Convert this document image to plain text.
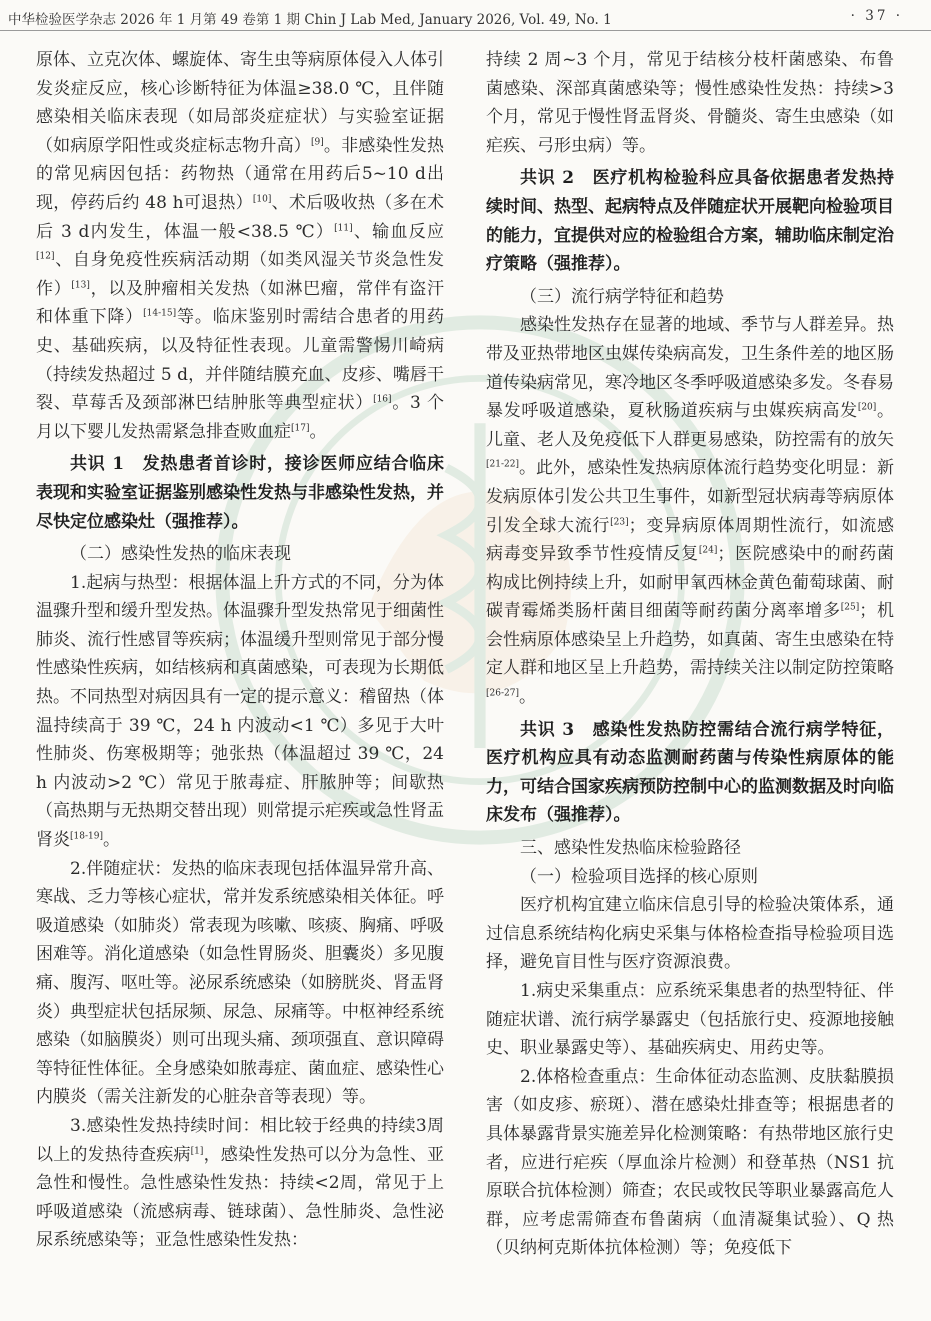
中华检验医学杂志 2026 年 1 月第 49 卷第 1 期 Chin J Lab Med, January 2026, Vol. 49, No. 1	· 37 ·

原体、立克次体、螺旋体、寄生虫等病原体侵入人体引发炎症反应，核心诊断特征为体温≥38.0 ℃，且伴随感染相关临床表现（如局部炎症症状）与实验室证据（如病原学阳性或炎症标志物升高）[9]。非感染性发热的常见病因包括：药物热（通常在用药后5~10 d出现，停药后约 48 h可退热）[10]、术后吸收热（多在术后 3 d内发生，体温一般<38.5 ℃）[11]、输血反应[12]、自身免疫性疾病活动期（如类风湿关节炎急性发作）[13]，以及肿瘤相关发热（如淋巴瘤，常伴有盗汗和体重下降）[14-15]等。临床鉴别时需结合患者的用药史、基础疾病，以及特征性表现。儿童需警惕川崎病（持续发热超过 5 d，并伴随结膜充血、皮疹、嘴唇干裂、草莓舌及颈部淋巴结肿胀等典型症状）[16]。3 个月以下婴儿发热需紧急排查败血症[17]。

共识 1　发热患者首诊时，接诊医师应结合临床表现和实验室证据鉴别感染性发热与非感染性发热，并尽快定位感染灶（强推荐）。

（二）感染性发热的临床表现

1.起病与热型：根据体温上升方式的不同，分为体温骤升型和缓升型发热。体温骤升型发热常见于细菌性肺炎、流行性感冒等疾病；体温缓升型则常见于部分慢性感染性疾病，如结核病和真菌感染，可表现为长期低热。不同热型对病因具有一定的提示意义：稽留热（体温持续高于 39 ℃，24 h 内波动<1 ℃）多见于大叶性肺炎、伤寒极期等；弛张热（体温超过 39 ℃，24 h 内波动>2 ℃）常见于脓毒症、肝脓肿等；间歇热（高热期与无热期交替出现）则常提示疟疾或急性肾盂肾炎[18-19]。

2.伴随症状：发热的临床表现包括体温异常升高、寒战、乏力等核心症状，常并发系统感染相关体征。呼吸道感染（如肺炎）常表现为咳嗽、咳痰、胸痛、呼吸困难等。消化道感染（如急性胃肠炎、胆囊炎）多见腹痛、腹泻、呕吐等。泌尿系统感染（如膀胱炎、肾盂肾炎）典型症状包括尿频、尿急、尿痛等。中枢神经系统感染（如脑膜炎）则可出现头痛、颈项强直、意识障碍等特征性体征。全身感染如脓毒症、菌血症、感染性心内膜炎（需关注新发的心脏杂音等表现）等。

3.感染性发热持续时间：相比较于经典的持续3周以上的发热待查疾病[1]，感染性发热可以分为急性、亚急性和慢性。急性感染性发热：持续<2周，常见于上呼吸道感染（流感病毒、链球菌）、急性肺炎、急性泌尿系统感染等；亚急性感染性发热：

持续 2 周~3 个月，常见于结核分枝杆菌感染、布鲁菌感染、深部真菌感染等；慢性感染性发热：持续>3 个月，常见于慢性肾盂肾炎、骨髓炎、寄生虫感染（如疟疾、弓形虫病）等。

共识 2　医疗机构检验科应具备依据患者发热持续时间、热型、起病特点及伴随症状开展靶向检验项目的能力，宜提供对应的检验组合方案，辅助临床制定治疗策略（强推荐）。

（三）流行病学特征和趋势

感染性发热存在显著的地域、季节与人群差异。热带及亚热带地区虫媒传染病高发，卫生条件差的地区肠道传染病常见，寒冷地区冬季呼吸道感染多发。冬春易暴发呼吸道感染，夏秋肠道疾病与虫媒疾病高发[20]。儿童、老人及免疫低下人群更易感染，防控需有的放矢[21-22]。此外，感染性发热病原体流行趋势变化明显：新发病原体引发公共卫生事件，如新型冠状病毒等病原体引发全球大流行[23]；变异病原体周期性流行，如流感病毒变异致季节性疫情反复[24]；医院感染中的耐药菌构成比例持续上升，如耐甲氧西林金黄色葡萄球菌、耐碳青霉烯类肠杆菌目细菌等耐药菌分离率增多[25]；机会性病原体感染呈上升趋势，如真菌、寄生虫感染在特定人群和地区呈上升趋势，需持续关注以制定防控策略[26-27]。

共识 3　感染性发热防控需结合流行病学特征，医疗机构应具有动态监测耐药菌与传染性病原体的能力，可结合国家疾病预防控制中心的监测数据及时向临床发布（强推荐）。

三、感染性发热临床检验路径
（一）检验项目选择的核心原则

医疗机构宜建立临床信息引导的检验决策体系，通过信息系统结构化病史采集与体格检查指导检验项目选择，避免盲目性与医疗资源浪费。

1.病史采集重点：应系统采集患者的热型特征、伴随症状谱、流行病学暴露史（包括旅行史、疫源地接触史、职业暴露史等）、基础疾病史、用药史等。

2.体格检查重点：生命体征动态监测、皮肤黏膜损害（如皮疹、瘀斑）、潜在感染灶排查等；根据患者的具体暴露背景实施差异化检测策略：有热带地区旅行史者，应进行疟疾（厚血涂片检测）和登革热（NS1 抗原联合抗体检测）筛查；农民或牧民等职业暴露高危人群，应考虑需筛查布鲁菌病（血清凝集试验）、Q 热（贝纳柯克斯体抗体检测）等；免疫低下
